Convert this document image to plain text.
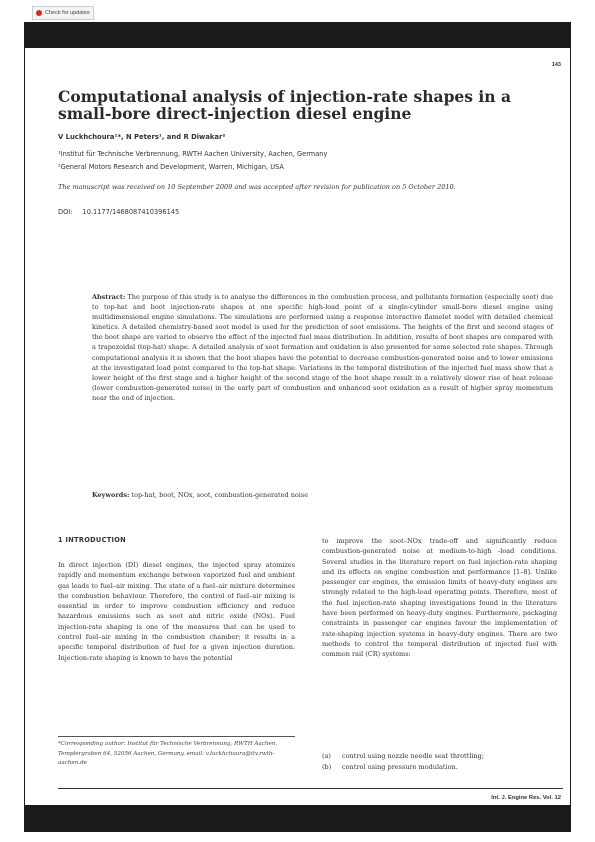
Check for updates
143
Computational analysis of injection-rate shapes in a small-bore direct-injection diesel engine
V Luckhchoura¹*, N Peters¹, and R Diwakar²
¹Institut für Technische Verbrennung, RWTH Aachen University, Aachen, Germany
²General Motors Research and Development, Warren, Michigan, USA
The manuscript was received on 10 September 2009 and was accepted after revision for publication on 5 October 2010.
DOI: 10.1177/1468087410396145

Abstract: The purpose of this study is to analyse the differences in the combustion process, and pollutants formation (especially soot) due to top-hat and boot injection-rate shapes at one specific high-load point of a single-cylinder small-bore diesel engine using multidimensional engine simulations. The simulations are performed using a response interactive flamelet model with detailed chemical kinetics. A detailed chemistry-based soot model is used for the prediction of soot emissions. The heights of the first and second stages of the boot shape are varied to observe the effect of the injected fuel mass distribution. In addition, results of boot shapes are compared with a trapezoidal (top-hat) shape. A detailed analysis of soot formation and oxidation is also presented for some selected rate shapes. Through computational analysis it is shown that the boot shapes have the potential to decrease combustion-generated noise and to lower emissions at the investigated load point compared to the top-hat shape. Variations in the temporal distribution of the injected fuel mass show that a lower height of the first stage and a higher height of the second stage of the boot shape result in a relatively slower rise of heat release (lower combustion-generated noise) in the early part of combustion and enhanced soot oxidation as a result of higher spray momentum near the end of injection.

Keywords: top-hat, boot, NOx, soot, combustion-generated noise
1 INTRODUCTION

In direct injection (DI) diesel engines, the injected spray atomizes rapidly and momentum exchange between vaporized fuel and ambient gas leads to fuel–air mixing. The state of a fuel–air mixture determines the combustion behaviour. Therefore, the control of fuel–air mixing is essential in order to improve combustion efficiency and reduce hazardous emissions such as soot and nitric oxide (NOx). Fuel injection-rate shaping is one of the measures that can be used to control fuel–air mixing in the combustion chamber; it results in a specific temporal distribution of fuel for a given injection duration. Injection-rate shaping is known to have the potential

*Corresponding author: Institut für Technische Verbrennung, RWTH Aachen, Templergraben 64, 52056 Aachen, Germany. email: v.luckhchoura@itv.rwth-aachen.de

to improve the soot–NOx trade-off and significantly reduce combustion-generated noise at medium-to-high -load conditions. Several studies in the literature report on fuel injection-rate shaping and its effects on engine combustion and performance [1–8]. Unlike passenger car engines, the emission limits of heavy-duty engines are strongly related to the high-load operating points. Therefore, most of the fuel injection-rate shaping investigations found in the literature have been performed on heavy-duty engines. Furthermore, packaging constraints in passenger car engines favour the implementation of rate-shaping injection systems in heavy-duty engines. There are two methods to control the temporal distribution of injected fuel with common rail (CR) systems:

(a) control using nozzle needle seat throttling;
(b) control using pressure modulation.
Int. J. Engine Res. Vol. 12
